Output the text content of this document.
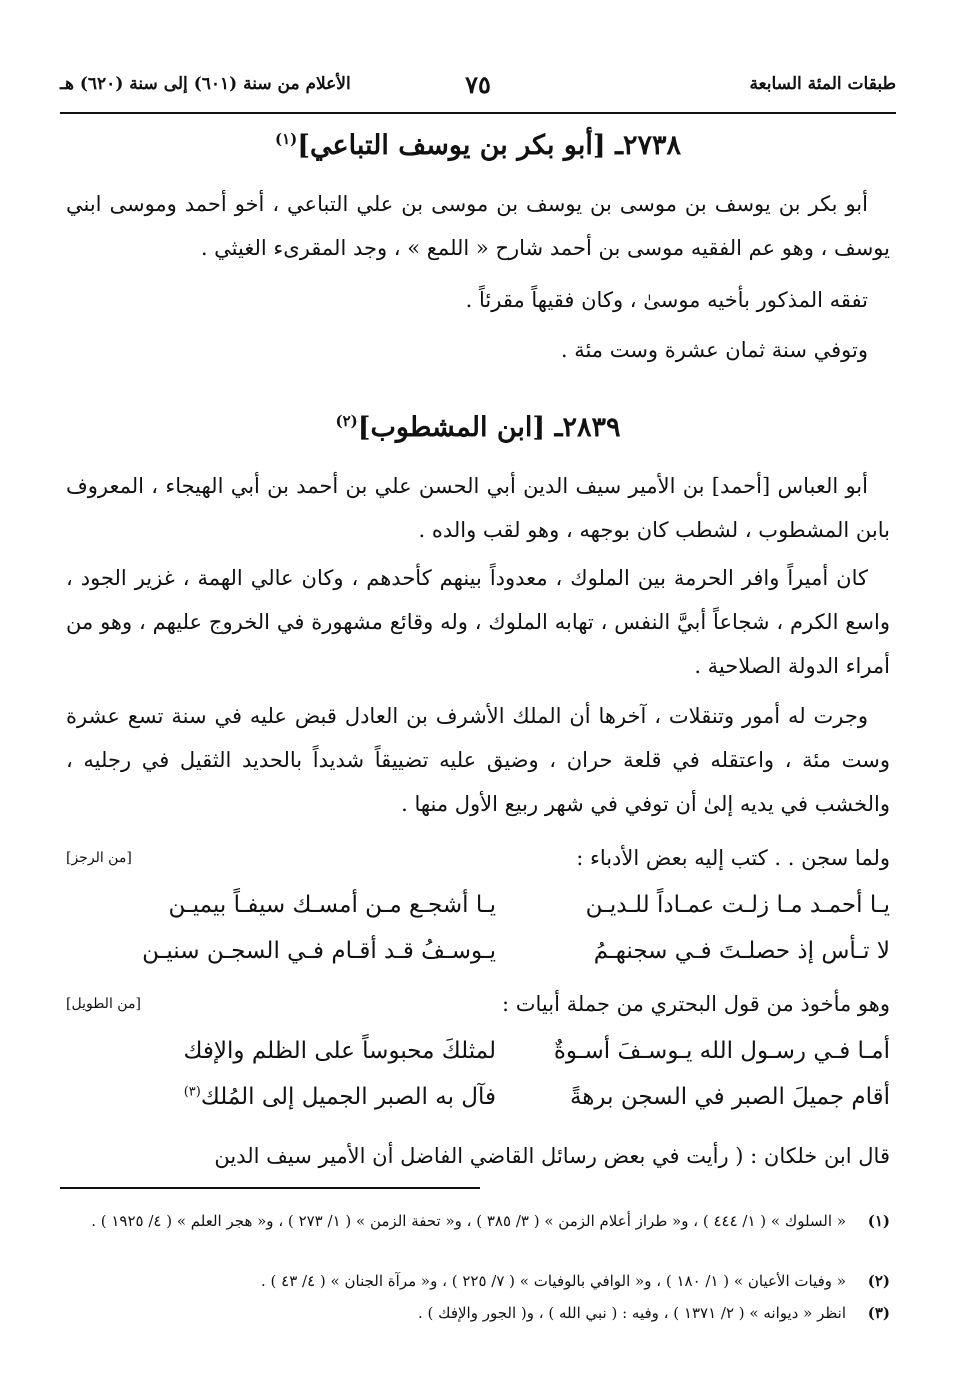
طبقات المئة السابعة
٧٥
الأعلام من سنة (٦٠١) إلى سنة (٦٢٠) هـ
٢٧٣٨ـ [أبو بكر بن يوسف التباعي]$^{(١)}$

أبو بكر بن يوسف بن موسى بن يوسف بن موسى بن علي التباعي ، أخو أحمد وموسى ابني يوسف ، وهو عم الفقيه موسى بن أحمد شارح « اللمع » ، وجد المقرىء الغيثي .

تفقه المذكور بأخيه موسىٰ ، وكان فقيهاً مقرئاً .

وتوفي سنة ثمان عشرة وست مئة .

٢٨٣٩ـ [ابن المشطوب]$^{(٢)}$

أبو العباس [أحمد] بن الأمير سيف الدين أبي الحسن علي بن أحمد بن أبي الهيجاء ، المعروف بابن المشطوب ، لشطب كان بوجهه ، وهو لقب والده .

كان أميراً وافر الحرمة بين الملوك ، معدوداً بينهم كأحدهم ، وكان عالي الهمة ، غزير الجود ، واسع الكرم ، شجاعاً أبيَّ النفس ، تهابه الملوك ، وله وقائع مشهورة في الخروج عليهم ، وهو من أمراء الدولة الصلاحية .

وجرت له أمور وتنقلات ، آخرها أن الملك الأشرف بن العادل قبض عليه في سنة تسع عشرة وست مئة ، واعتقله في قلعة حران ، وضيق عليه تضييقاً شديداً بالحديد الثقيل في رجليه ، والخشب في يديه إلىٰ أن توفي في شهر ربيع الأول منها .

ولما سجن . . كتب إليه بعض الأدباء :
[من الرجز]
يـا أحمـد مـا زلـت عمـاداً للـديـن
يـا أشجـع مـن أمسـك سيفـاً بيميـن
لا تـأس إذ حصلـتَ فـي سجنهـمُ
يـوسـفُ قـد أقـام فـي السجـن سنيـن
وهو مأخوذ من قول البحتري من جملة أبيات :
[من الطويل]
أمـا فـي رسـول الله يـوسـفَ أسـوةٌ
لمثلكَ محبوساً على الظلم والإفك
أقام جميلَ الصبر في السجن برهةً
فآل به الصبر الجميل إلى المُلك$^{(٣)}$

قال ابن خلكان : ( رأيت في بعض رسائل القاضي الفاضل أن الأمير سيف الدين

(١)
« السلوك » ( ١/ ٤٤٤ ) ، و« طراز أعلام الزمن » ( ٣/ ٣٨٥ ) ، و« تحفة الزمن » ( ١/ ٢٧٣ ) ، و« هجر العلم » ( ٤/ ١٩٢٥ ) .
(٢)
« وفيات الأعيان » ( ١/ ١٨٠ ) ، و« الوافي بالوفيات » ( ٧/ ٢٢٥ ) ، و« مرآة الجنان » ( ٤/ ٤٣ ) .
(٣)
انظر « ديوانه » ( ٢/ ١٣٧١ ) ، وفيه : ( نبي الله ) ، و( الجور والإفك ) .
